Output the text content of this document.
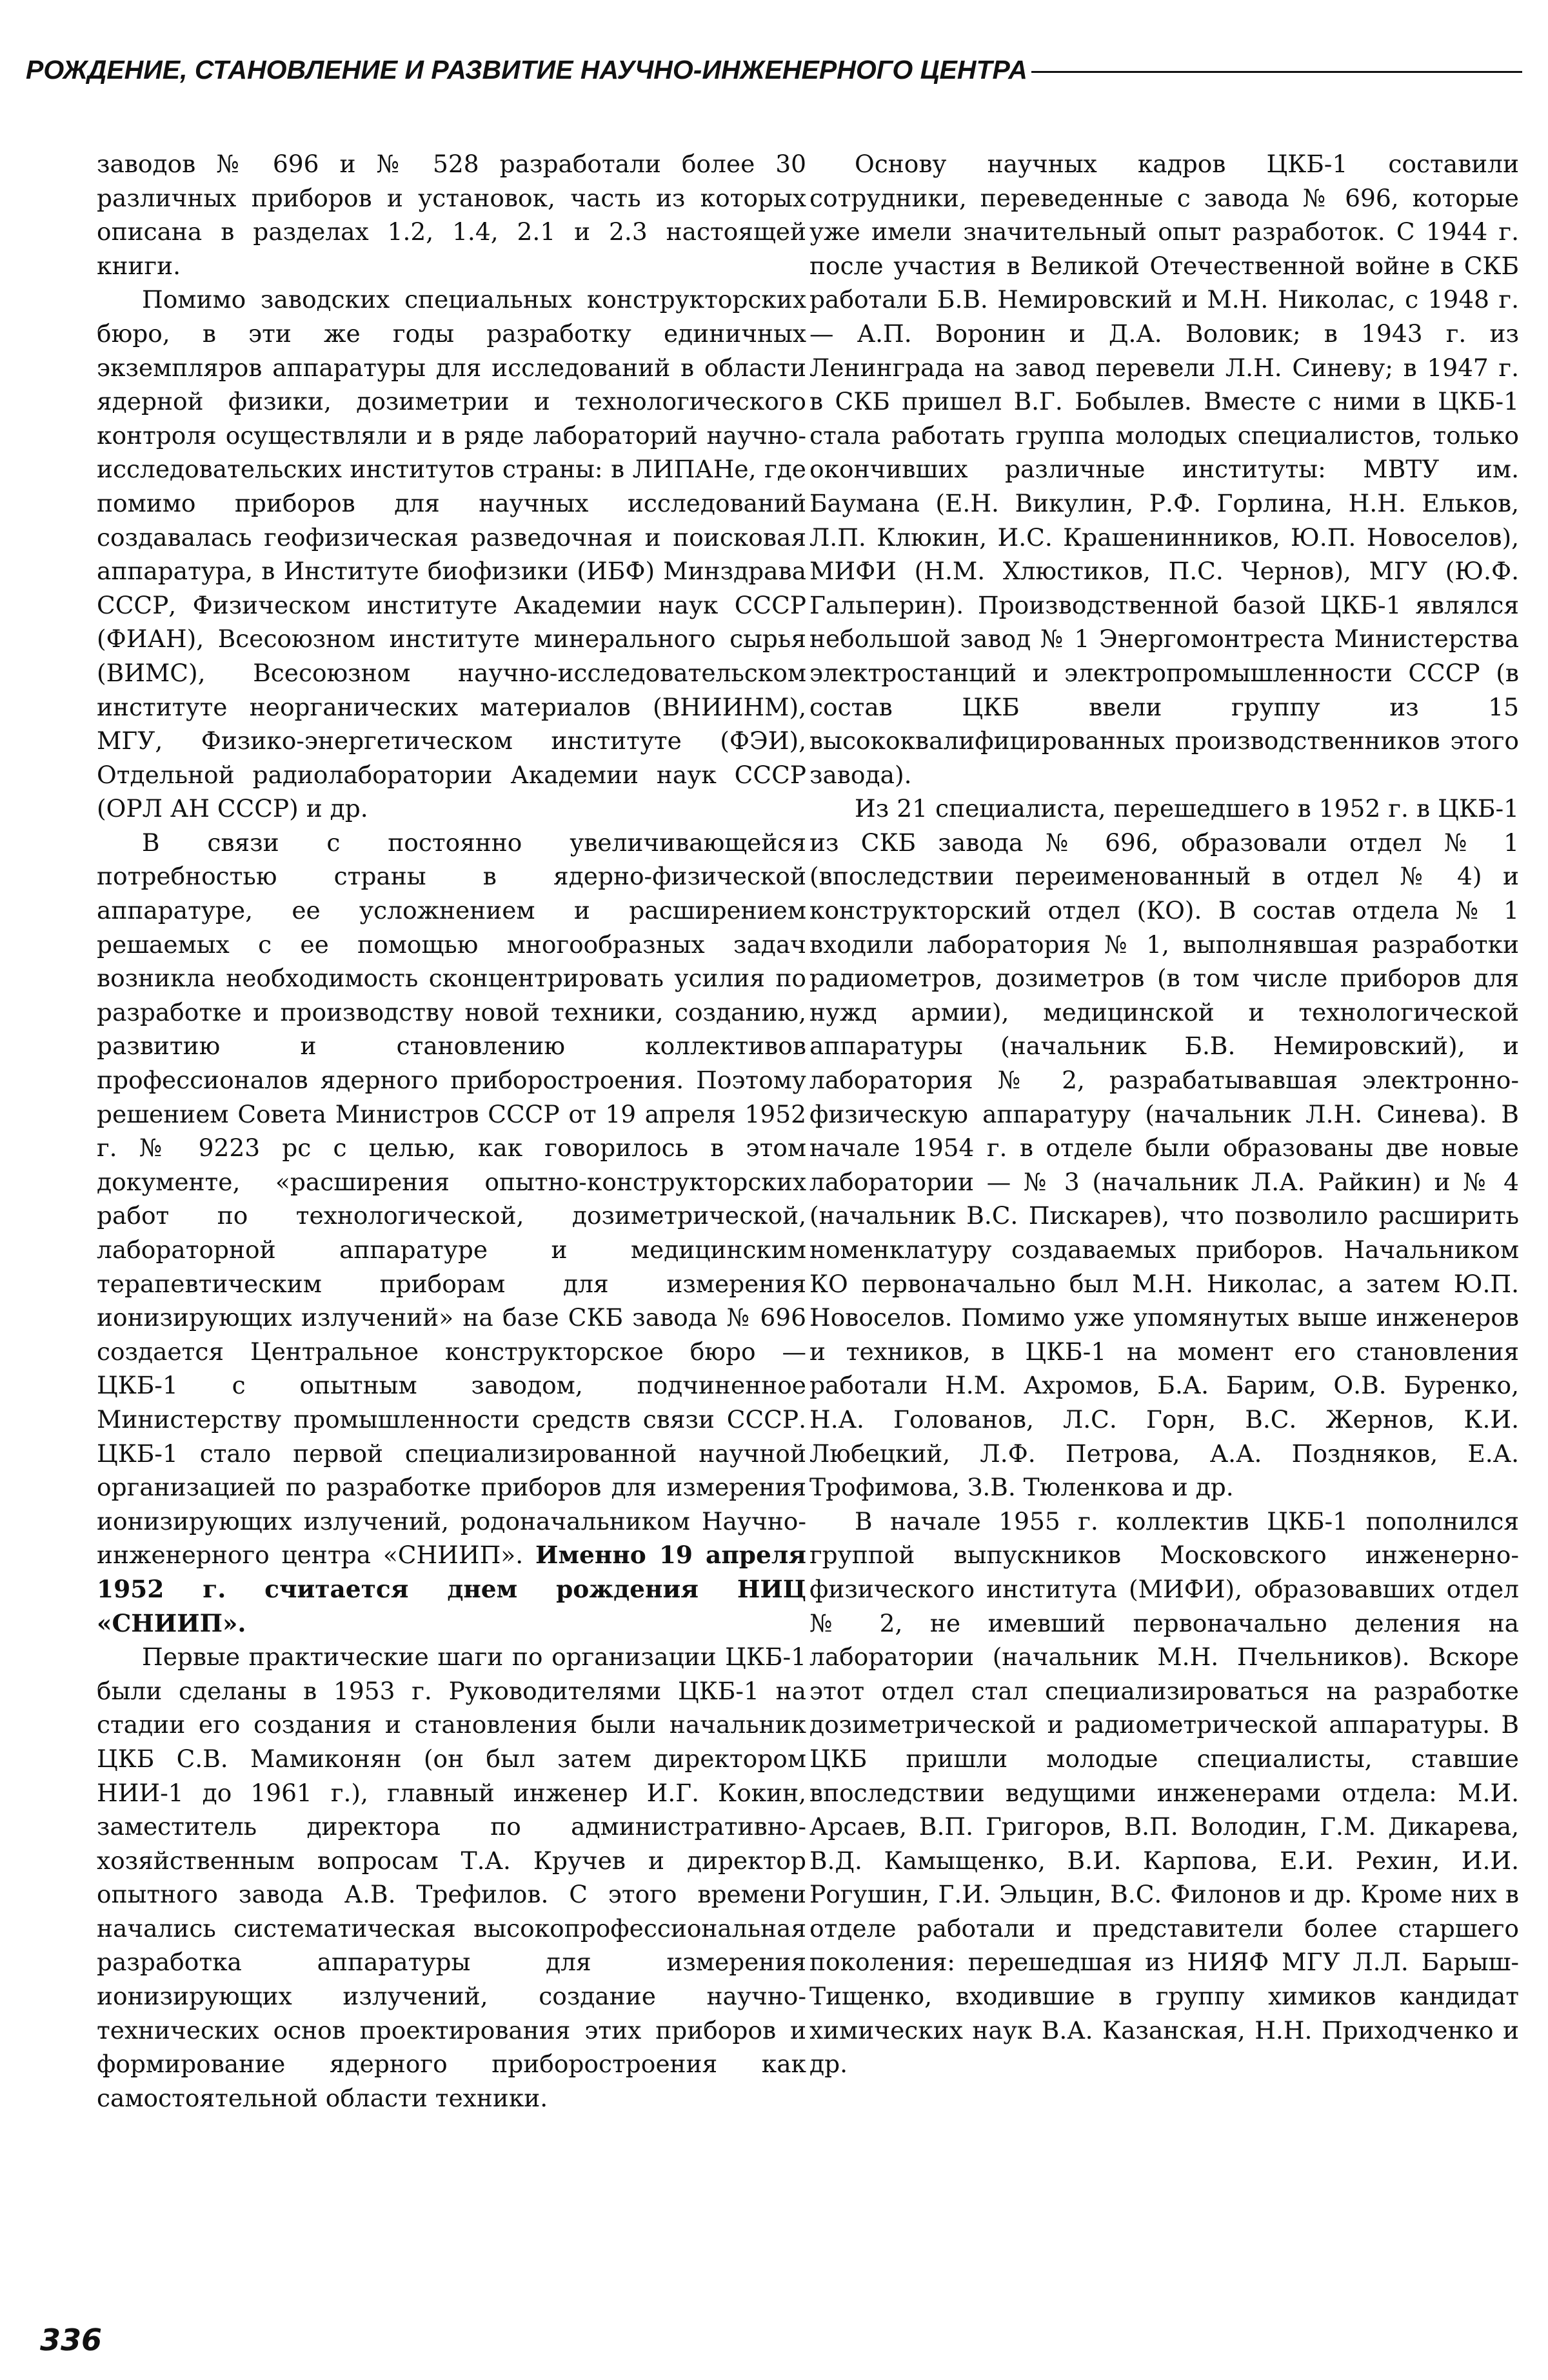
РОЖДЕНИЕ, СТАНОВЛЕНИЕ И РАЗВИТИЕ НАУЧНО-ИНЖЕНЕРНОГО ЦЕНТРА

заводов № 696 и № 528 разработали более 30 различных приборов и установок, часть из которых описана в разделах 1.2, 1.4, 2.1 и 2.3 настоящей книги.

Помимо заводских специальных конструкторских бюро, в эти же годы разработку единичных экземпляров аппаратуры для исследований в области ядерной физики, дозиметрии и технологического контроля осуществляли и в ряде лабораторий научно-исследовательских институтов страны: в ЛИПАНе, где помимо приборов для научных исследований создавалась геофизическая разведочная и поисковая аппаратура, в Институте биофизики (ИБФ) Минздрава СССР, Физическом институте Академии наук СССР (ФИАН), Всесоюзном институте минерального сырья (ВИМС), Всесоюзном научно-исследовательском институте неорганических материалов (ВНИИНМ), МГУ, Физико-энергетическом институте (ФЭИ), Отдельной радиолаборатории Академии наук СССР (ОРЛ АН СССР) и др.

В связи с постоянно увеличивающейся потребностью страны в ядерно-физической аппаратуре, ее усложнением и расширением решаемых с ее помощью многообразных задач возникла необходимость сконцентрировать усилия по разработке и производству новой техники, созданию, развитию и становлению коллективов профессионалов ядерного приборостроения. Поэтому решением Совета Министров СССР от 19 апреля 1952 г. № 9223 рс с целью, как говорилось в этом документе, «расширения опытно-конструкторских работ по технологической, дозиметрической, лабораторной аппаратуре и медицинским терапевтическим приборам для измерения ионизирующих излучений» на базе СКБ завода № 696 создается Центральное конструкторское бюро — ЦКБ-1 с опытным заводом, подчиненное Министерству промышленности средств связи СССР. ЦКБ-1 стало первой специализированной научной организацией по разработке приборов для измерения ионизирующих излучений, родоначальником Научно-инженерного центра «СНИИП». Именно 19 апреля 1952 г. считается днем рождения НИЦ «СНИИП».

Первые практические шаги по организации ЦКБ-1 были сделаны в 1953 г. Руководителями ЦКБ-1 на стадии его создания и становления были начальник ЦКБ С.В. Мамиконян (он был затем директором НИИ-1 до 1961 г.), главный инженер И.Г. Кокин, заместитель директора по административно-хозяйственным вопросам Т.А. Кручев и директор опытного завода А.В. Трефилов. С этого времени начались систематическая высокопрофессиональная разработка аппаратуры для измерения ионизирующих излучений, создание научно-технических основ проектирования этих приборов и формирование ядерного приборостроения как самостоятельной области техники.

Основу научных кадров ЦКБ-1 составили сотрудники, переведенные с завода № 696, которые уже имели значительный опыт разработок. С 1944 г. после участия в Великой Отечественной войне в СКБ работали Б.В. Немировский и М.Н. Николас, с 1948 г. — А.П. Воронин и Д.А. Воловик; в 1943 г. из Ленинграда на завод перевели Л.Н. Синеву; в 1947 г. в СКБ пришел В.Г. Бобылев. Вместе с ними в ЦКБ-1 стала работать группа молодых специалистов, только окончивших различные институты: МВТУ им. Баумана (Е.Н. Викулин, Р.Ф. Горлина, Н.Н. Ельков, Л.П. Клюкин, И.С. Крашенинников, Ю.П. Новоселов), МИФИ (Н.М. Хлюстиков, П.С. Чернов), МГУ (Ю.Ф. Гальперин). Производственной базой ЦКБ-1 являлся небольшой завод № 1 Энергомонтреста Министерства электростанций и электропромышленности СССР (в состав ЦКБ ввели группу из 15 высококвалифицированных производственников этого завода).

Из 21 специалиста, перешедшего в 1952 г. в ЦКБ-1 из СКБ завода № 696, образовали отдел № 1 (впоследствии переименованный в отдел № 4) и конструкторский отдел (КО). В состав отдела № 1 входили лаборатория № 1, выполнявшая разработки радиометров, дозиметров (в том числе приборов для нужд армии), медицинской и технологической аппаратуры (начальник Б.В. Немировский), и лаборатория № 2, разрабатывавшая электронно-физическую аппаратуру (начальник Л.Н. Синева). В начале 1954 г. в отделе были образованы две новые лаборатории — № 3 (начальник Л.А. Райкин) и № 4 (начальник В.С. Пискарев), что позволило расширить номенклатуру создаваемых приборов. Начальником КО первоначально был М.Н. Николас, а затем Ю.П. Новоселов. Помимо уже упомянутых выше инженеров и техников, в ЦКБ-1 на момент его становления работали Н.М. Ахромов, Б.А. Барим, О.В. Буренко, Н.А. Голованов, Л.С. Горн, В.С. Жернов, К.И. Любецкий, Л.Ф. Петрова, А.А. Поздняков, Е.А. Трофимова, З.В. Тюленкова и др.

В начале 1955 г. коллектив ЦКБ-1 пополнился группой выпускников Московского инженерно-физического института (МИФИ), образовавших отдел № 2, не имевший первоначально деления на лаборатории (начальник М.Н. Пчельников). Вскоре этот отдел стал специализироваться на разработке дозиметрической и радиометрической аппаратуры. В ЦКБ пришли молодые специалисты, ставшие впоследствии ведущими инженерами отдела: М.И. Арсаев, В.П. Григоров, В.П. Володин, Г.М. Дикарева, В.Д. Камыщенко, В.И. Карпова, Е.И. Рехин, И.И. Рогушин, Г.И. Эльцин, В.С. Филонов и др. Кроме них в отделе работали и представители более старшего поколения: перешедшая из НИЯФ МГУ Л.Л. Барыш-Тищенко, входившие в группу химиков кандидат химических наук В.А. Казанская, Н.Н. Приходченко и др.

336
